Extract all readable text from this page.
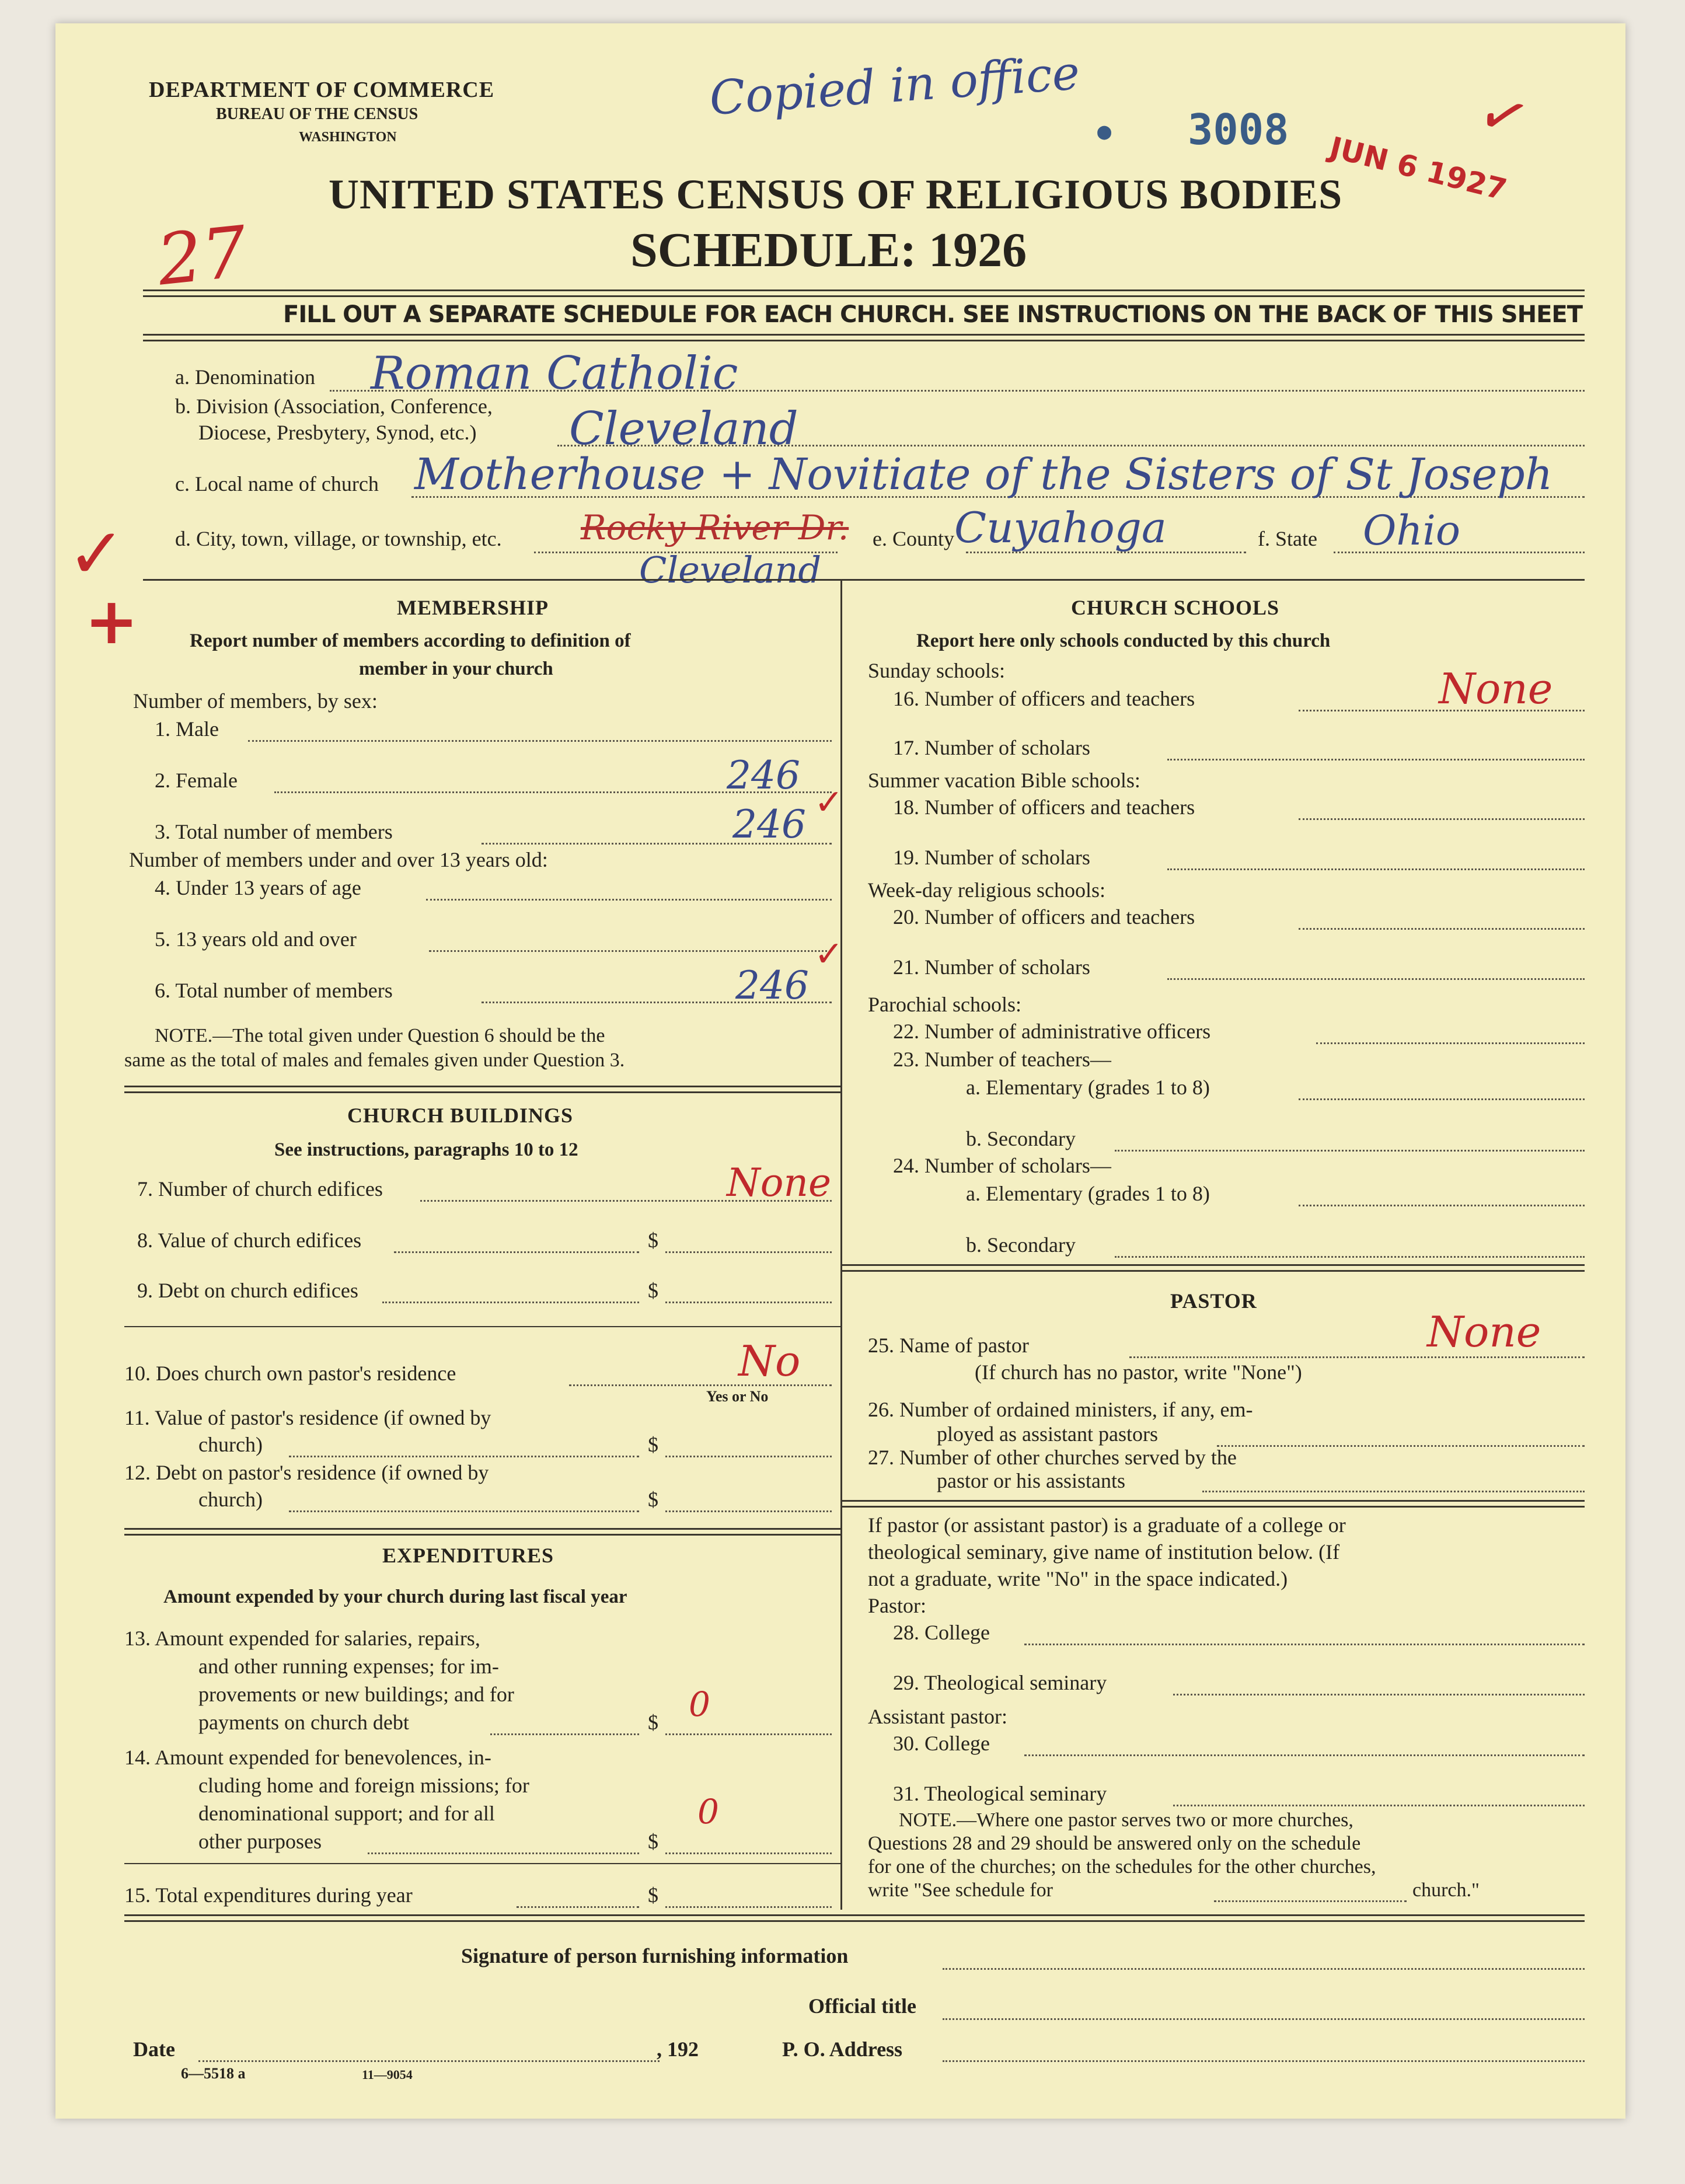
DEPARTMENT OF COMMERCE
BUREAU OF THE CENSUS
WASHINGTON
Copied in office
3008
●	JUN 6 1927
✓
UNITED STATES CENSUS OF RELIGIOUS BODIES
SCHEDULE: 1926
27
FILL OUT A SEPARATE SCHEDULE FOR EACH CHURCH. SEE INSTRUCTIONS ON THE BACK OF THIS SHEET
a. Denomination Roman Catholic
b. Division (Association, Conference,
Diocese, Presbytery, Synod, etc.) Cleveland
c. Local name of church Motherhouse + Novitiate of the Sisters of St Joseph
d. City, town, village, or township, etc. Rocky River Dr.
Cleveland
e. County Cuyahoga	f. State Ohio
✓
+	MEMBERSHIP
Report number of members according to definition of
member in your church
Number of members, by sex:
1. Male
2. Female	246
3. Total number of members	246 ✓
Number of members under and over 13 years old:
4. Under 13 years of age
5. 13 years old and over
6. Total number of members	246
✓
NOTE.—The total given under Question 6 should be the
same as the total of males and females given under Question 3.
CHURCH BUILDINGS
See instructions, paragraphs 10 to 12
7. Number of church edifices	None
8. Value of church edifices	$
9. Debt on church edifices	$
10. Does church own pastor's residence	No
Yes or No
11. Value of pastor's residence (if owned by
church)	$
12. Debt on pastor's residence (if owned by
church)	$
EXPENDITURES
Amount expended by your church during last fiscal year
13. Amount expended for salaries, repairs,
and other running expenses; for im-
provements or new buildings; and for
payments on church debt	$ 0
14. Amount expended for benevolences, in-
cluding home and foreign missions; for
denominational support; and for all
other purposes	$
0
15. Total expenditures during year	$
CHURCH SCHOOLS
Report here only schools conducted by this church
Sunday schools:
16. Number of officers and teachers	None
17. Number of scholars
Summer vacation Bible schools:
18. Number of officers and teachers
19. Number of scholars
Week-day religious schools:
20. Number of officers and teachers
21. Number of scholars
Parochial schools:
22. Number of administrative officers
23. Number of teachers—
a. Elementary (grades 1 to 8)
b. Secondary
24. Number of scholars—
a. Elementary (grades 1 to 8)
b. Secondary
PASTOR
25. Name of pastor	None
(If church has no pastor, write "None")
26. Number of ordained ministers, if any, em-
ployed as assistant pastors
27. Number of other churches served by the
pastor or his assistants
If pastor (or assistant pastor) is a graduate of a college or
theological seminary, give name of institution below. (If
not a graduate, write "No" in the space indicated.)
Pastor:
28. College
29. Theological seminary
Assistant pastor:
30. College
31. Theological seminary
NOTE.—Where one pastor serves two or more churches,
Questions 28 and 29 should be answered only on the schedule
for one of the churches; on the schedules for the other churches,
write "See schedule for	church."
Signature of person furnishing information
Official title
Date	, 192	P. O. Address
6—5518 a	11—9054
